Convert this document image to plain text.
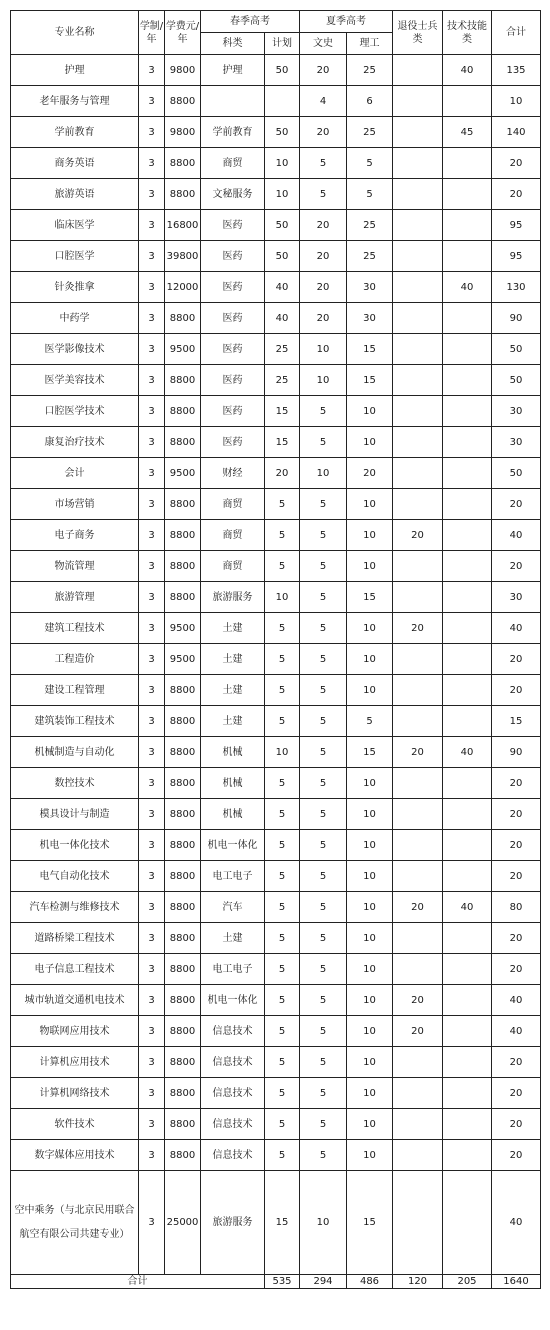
专业名称	学制/年	学费元/年	春季高考		夏季高考		退役士兵类	技术技能类	合计
			科类	计划	文史	理工			
护理	3	9800	护理	50	20	25		40	135
老年服务与管理	3	8800			4	6			10
学前教育	3	9800	学前教育	50	20	25		45	140
商务英语	3	8800	商贸	10	5	5			20
旅游英语	3	8800	文秘服务	10	5	5			20
临床医学	3	16800	医药	50	20	25			95
口腔医学	3	39800	医药	50	20	25			95
针灸推拿	3	12000	医药	40	20	30		40	130
中药学	3	8800	医药	40	20	30			90
医学影像技术	3	9500	医药	25	10	15			50
医学美容技术	3	8800	医药	25	10	15			50
口腔医学技术	3	8800	医药	15	5	10			30
康复治疗技术	3	8800	医药	15	5	10			30
会计	3	9500	财经	20	10	20			50
市场营销	3	8800	商贸	5	5	10			20
电子商务	3	8800	商贸	5	5	10	20		40
物流管理	3	8800	商贸	5	5	10			20
旅游管理	3	8800	旅游服务	10	5	15			30
建筑工程技术	3	9500	土建	5	5	10	20		40
工程造价	3	9500	土建	5	5	10			20
建设工程管理	3	8800	土建	5	5	10			20
建筑装饰工程技术	3	8800	土建	5	5	5			15
机械制造与自动化	3	8800	机械	10	5	15	20	40	90
数控技术	3	8800	机械	5	5	10			20
模具设计与制造	3	8800	机械	5	5	10			20
机电一体化技术	3	8800	机电一体化	5	5	10			20
电气自动化技术	3	8800	电工电子	5	5	10			20
汽车检测与维修技术	3	8800	汽车	5	5	10	20	40	80
道路桥梁工程技术	3	8800	土建	5	5	10			20
电子信息工程技术	3	8800	电工电子	5	5	10			20
城市轨道交通机电技术	3	8800	机电一体化	5	5	10	20		40
物联网应用技术	3	8800	信息技术	5	5	10	20		40
计算机应用技术	3	8800	信息技术	5	5	10			20
计算机网络技术	3	8800	信息技术	5	5	10			20
软件技术	3	8800	信息技术	5	5	10			20
数字媒体应用技术	3	8800	信息技术	5	5	10			20
空中乘务（与北京民用联合航空有限公司共建专业）	3	25000	旅游服务	15	10	15			40
合计				535	294	486	120	205	1640
